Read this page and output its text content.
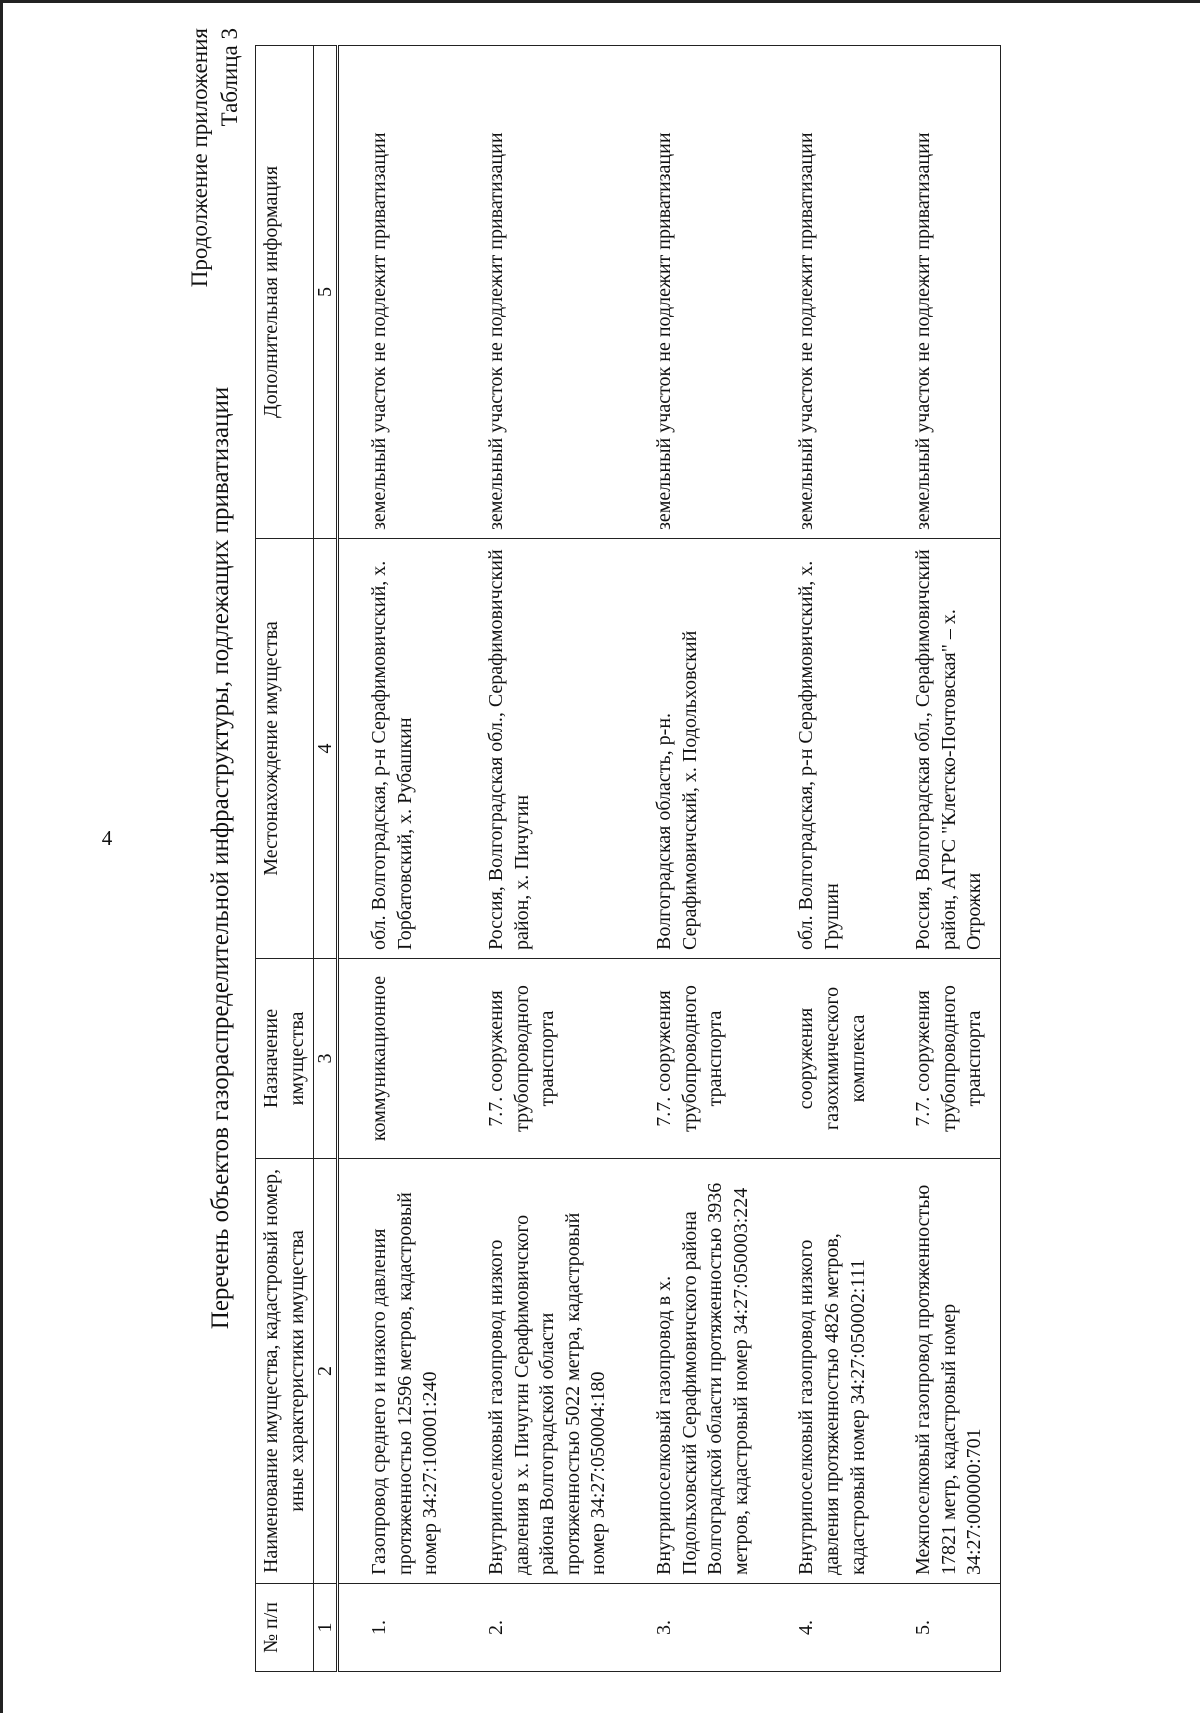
4
Продолжение приложения Таблица 3
Перечень объектов газораспределительной инфраструктуры, подлежащих приватизации
№ п/п	Наименование имущества, кадастровый номер, иные характеристики имущества	Назначение имущества	Местонахождение имущества	Дополнительная информация
1	2	3	4	5
1.	Газопровод среднего и низкого давления протяженностью 12596 метров, кадастровый номер 34:27:100001:240	коммуникационное	обл. Волгоградская, р-н Серафимовичский, х. Горбатовский, х. Рубашкин	земельный участок не подлежит приватизации
2.	Внутрипоселковый газопровод низкого давления в х. Пичугин Серафимовичского района Волгоградской области протяженностью 5022 метра, кадастровый номер 34:27:050004:180	7.7. сооружения трубопроводного транспорта	Россия, Волгоградская обл., Серафимовичский район, х. Пичугин	земельный участок не подлежит приватизации
3.	Внутрипоселковый газопровод в х. Подольховский Серафимовичского района Волгоградской области протяженностью 3936 метров, кадастровый номер 34:27:050003:224	7.7. сооружения трубопроводного транспорта	Волгоградская область, р-н. Серафимовичский, х. Подольховский	земельный участок не подлежит приватизации
4.	Внутрипоселковый газопровод низкого давления протяженностью 4826 метров, кадастровый номер 34:27:050002:111	сооружения газохимического комплекса	обл. Волгоградская, р-н Серафимовичский, х. Грушин	земельный участок не подлежит приватизации
5.	Межпоселковый газопровод протяженностью 17821 метр, кадастровый номер 34:27:000000:701	7.7. сооружения трубопроводного транспорта	Россия, Волгоградская обл., Серафимовичский район, АГРС "Клетско-Почтовская" – х. Отрожки	земельный участок не подлежит приватизации
